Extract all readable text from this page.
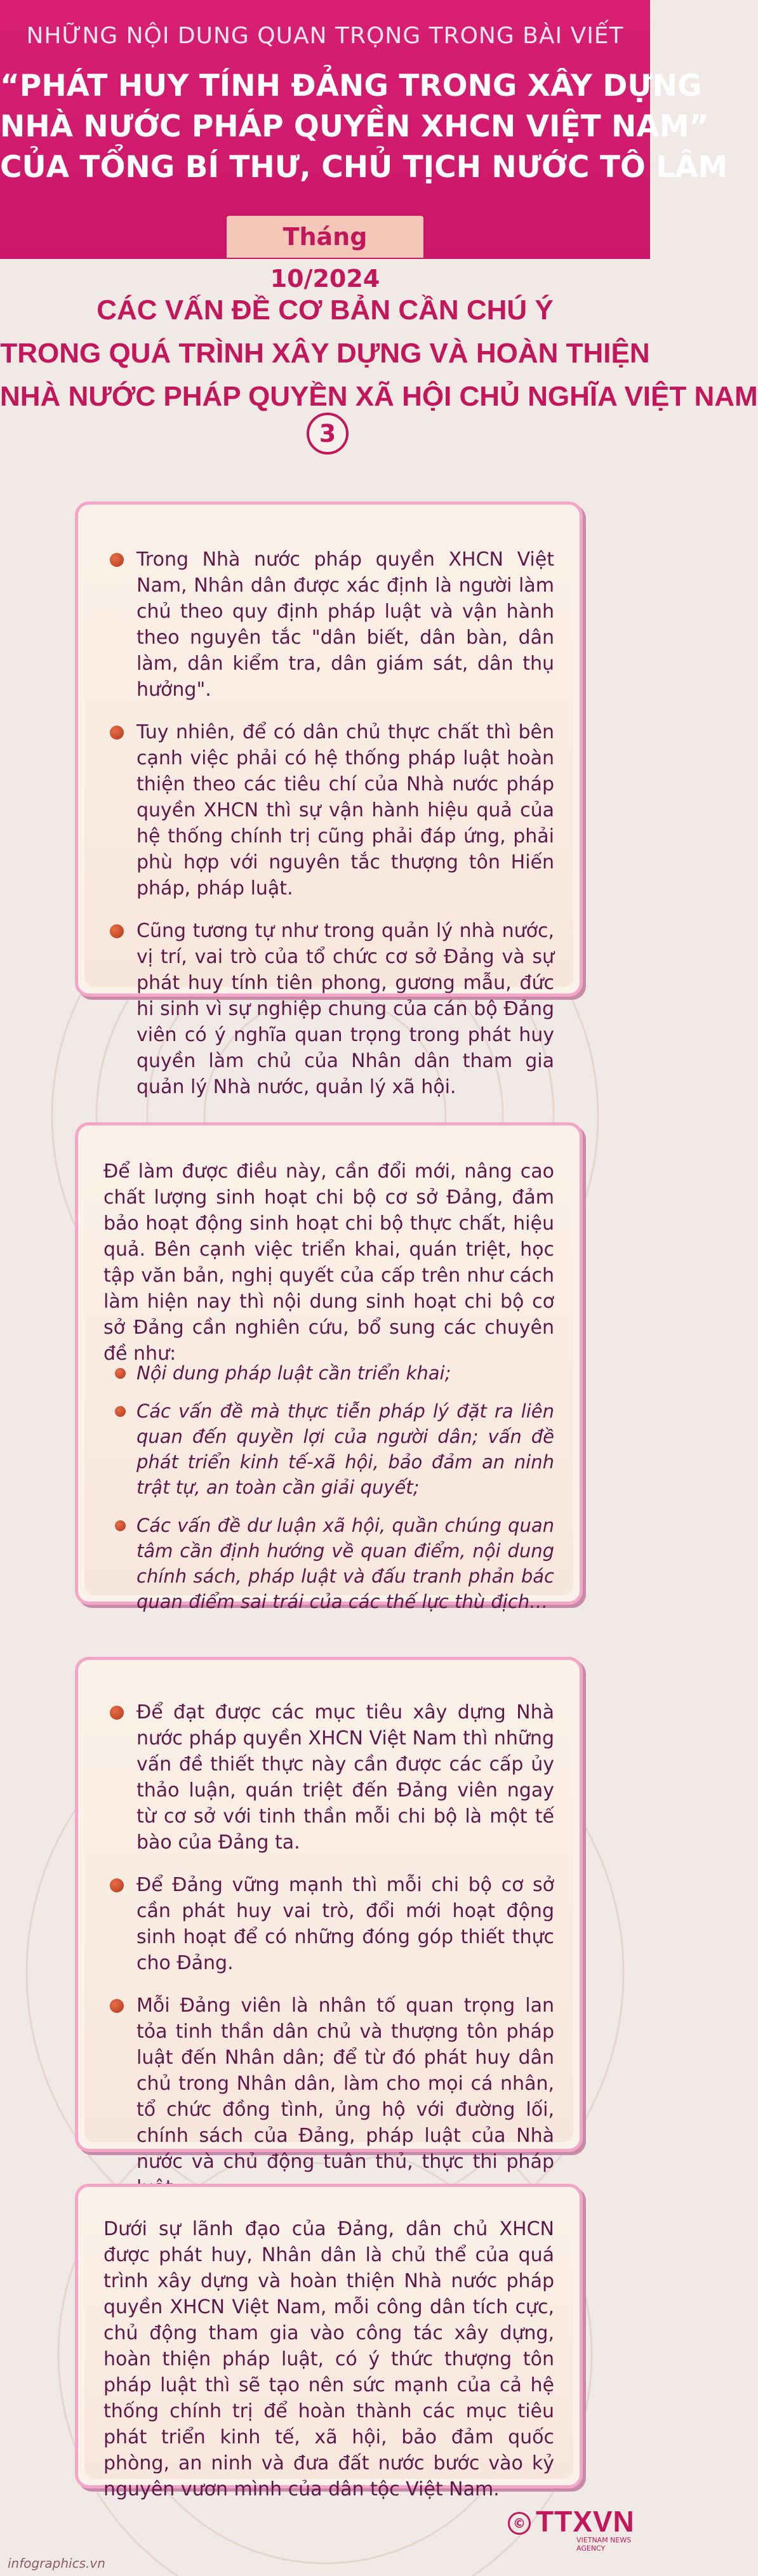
NHỮNG NỘI DUNG QUAN TRỌNG TRONG BÀI VIẾT
“PHÁT HUY TÍNH ĐẢNG TRONG XÂY DỰNG
NHÀ NƯỚC PHÁP QUYỀN XHCN VIỆT NAM”
CỦA TỔNG BÍ THƯ, CHỦ TỊCH NƯỚC TÔ LÂM
Tháng 10/2024
CÁC VẤN ĐỀ CƠ BẢN CẦN CHÚ Ý
TRONG QUÁ TRÌNH XÂY DỰNG VÀ HOÀN THIỆN
NHÀ NƯỚC PHÁP QUYỀN XÃ HỘI CHỦ NGHĨA VIỆT NAM
3
Trong Nhà nước pháp quyền XHCN Việt Nam, Nhân dân được xác định là người làm chủ theo quy định pháp luật và vận hành theo nguyên tắc "dân biết, dân bàn, dân làm, dân kiểm tra, dân giám sát, dân thụ hưởng".
Tuy nhiên, để có dân chủ thực chất thì bên cạnh việc phải có hệ thống pháp luật hoàn thiện theo các tiêu chí của Nhà nước pháp quyền XHCN thì sự vận hành hiệu quả của hệ thống chính trị cũng phải đáp ứng, phải phù hợp với nguyên tắc thượng tôn Hiến pháp, pháp luật.
Cũng tương tự như trong quản lý nhà nước, vị trí, vai trò của tổ chức cơ sở Đảng và sự phát huy tính tiên phong, gương mẫu, đức hi sinh vì sự nghiệp chung của cán bộ Đảng viên có ý nghĩa quan trọng trong phát huy quyền làm chủ của Nhân dân tham gia quản lý Nhà nước, quản lý xã hội.
Để làm được điều này, cần đổi mới, nâng cao chất lượng sinh hoạt chi bộ cơ sở Đảng, đảm bảo hoạt động sinh hoạt chi bộ thực chất, hiệu quả. Bên cạnh việc triển khai, quán triệt, học tập văn bản, nghị quyết của cấp trên như cách làm hiện nay thì nội dung sinh hoạt chi bộ cơ sở Đảng cần nghiên cứu, bổ sung các chuyên đề như:
Nội dung pháp luật cần triển khai;
Các vấn đề mà thực tiễn pháp lý đặt ra liên quan đến quyền lợi của người dân; vấn đề phát triển kinh tế-xã hội, bảo đảm an ninh trật tự, an toàn cần giải quyết;
Các vấn đề dư luận xã hội, quần chúng quan tâm cần định hướng về quan điểm, nội dung chính sách, pháp luật và đấu tranh phản bác quan điểm sai trái của các thế lực thù địch…
Để đạt được các mục tiêu xây dựng Nhà nước pháp quyền XHCN Việt Nam thì những vấn đề thiết thực này cần được các cấp ủy thảo luận, quán triệt đến Đảng viên ngay từ cơ sở với tinh thần mỗi chi bộ là một tế bào của Đảng ta.
Để Đảng vững mạnh thì mỗi chi bộ cơ sở cần phát huy vai trò, đổi mới hoạt động sinh hoạt để có những đóng góp thiết thực cho Đảng.
Mỗi Đảng viên là nhân tố quan trọng lan tỏa tinh thần dân chủ và thượng tôn pháp luật đến Nhân dân; để từ đó phát huy dân chủ trong Nhân dân, làm cho mọi cá nhân, tổ chức đồng tình, ủng hộ với đường lối, chính sách của Đảng, pháp luật của Nhà nước và chủ động tuân thủ, thực thi pháp
Dưới sự lãnh đạo của Đảng, dân chủ XHCN được phát huy, Nhân dân là chủ thể của quá trình xây dựng và hoàn thiện Nhà nước pháp quyền XHCN Việt Nam, mỗi công dân tích cực, chủ động tham gia vào công tác xây dựng, hoàn thiện pháp luật, có ý thức thượng tôn pháp luật thì sẽ tạo nên sức mạnh của cả hệ thống chính trị để hoàn thành các mục tiêu phát triển kinh tế, xã hội, bảo đảm quốc phòng, an ninh và đưa đất nước bước vào kỷ nguyên vươn mình của dân tộc Việt Nam.
© TTXVN
VIETNAM NEWS AGENCY
infographics.vn
